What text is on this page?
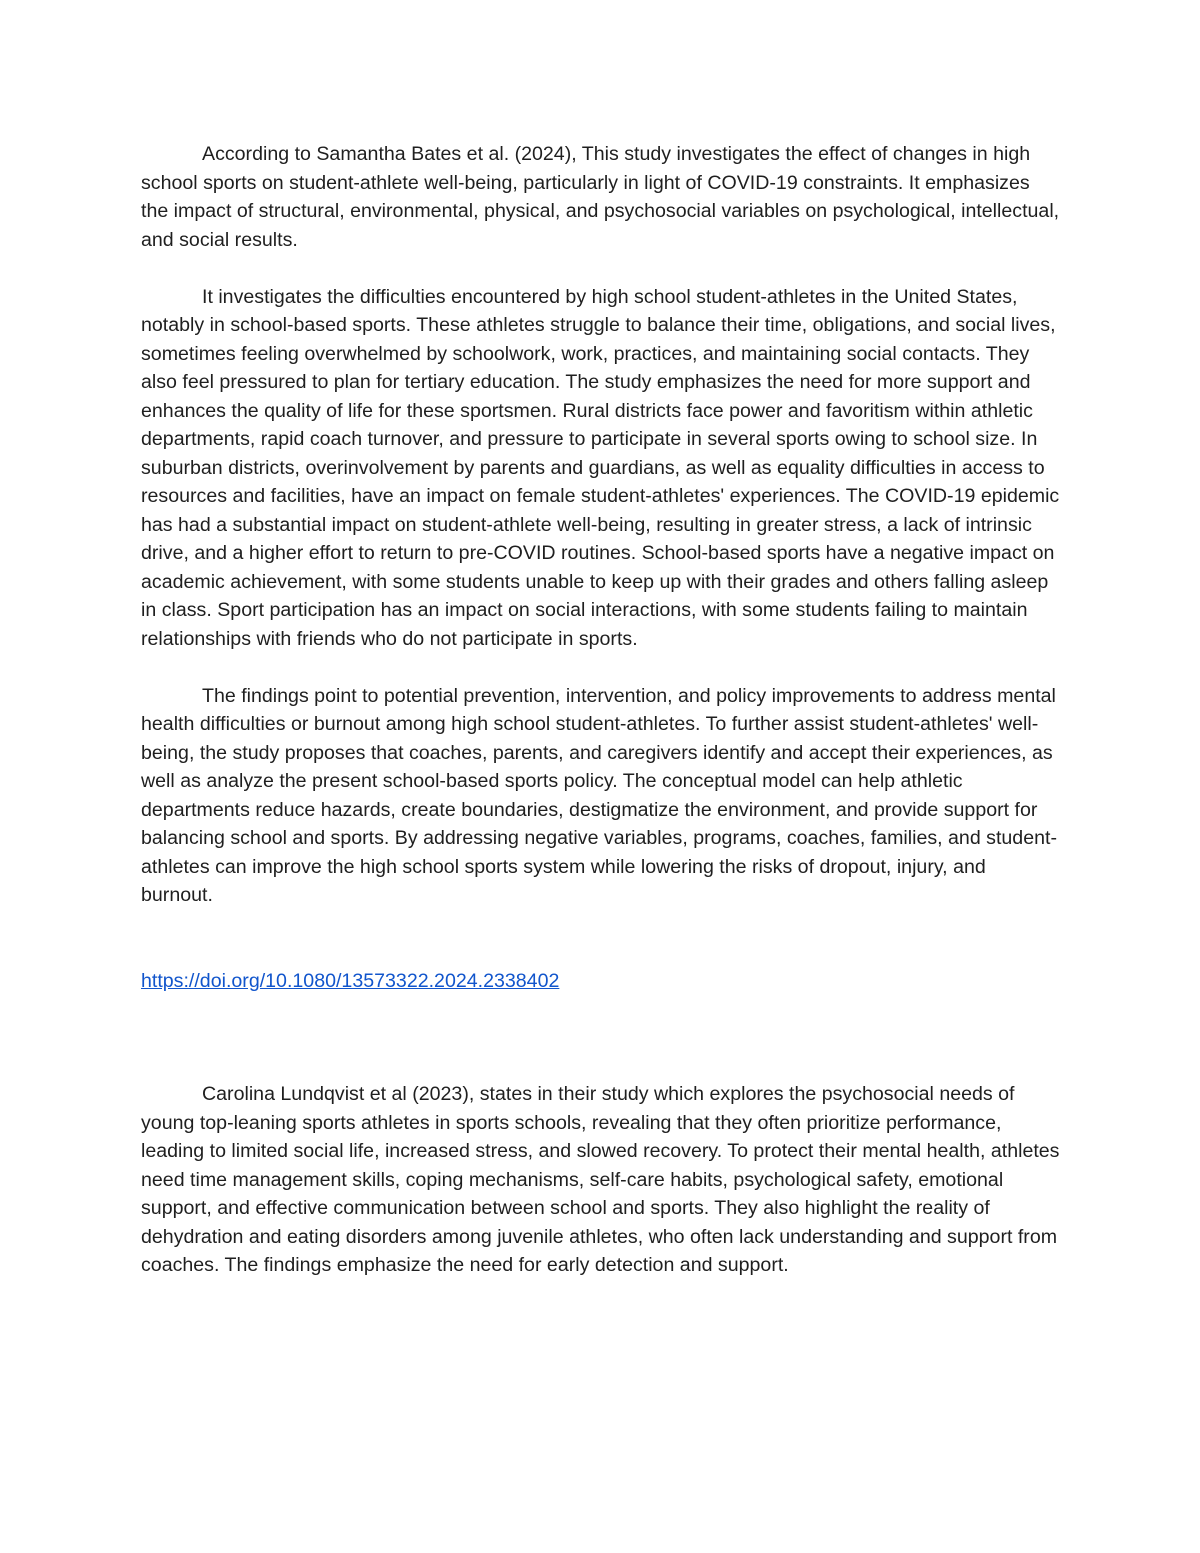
According to Samantha Bates et al. (2024), This study investigates the effect of changes in high school sports on student-athlete well-being, particularly in light of COVID-19 constraints. It emphasizes the impact of structural, environmental, physical, and psychosocial variables on psychological, intellectual, and social results.

It investigates the difficulties encountered by high school student-athletes in the United States, notably in school-based sports. These athletes struggle to balance their time, obligations, and social lives, sometimes feeling overwhelmed by schoolwork, work, practices, and maintaining social contacts. They also feel pressured to plan for tertiary education. The study emphasizes the need for more support and enhances the quality of life for these sportsmen. Rural districts face power and favoritism within athletic departments, rapid coach turnover, and pressure to participate in several sports owing to school size. In suburban districts, overinvolvement by parents and guardians, as well as equality difficulties in access to resources and facilities, have an impact on female student-athletes' experiences. The COVID-19 epidemic has had a substantial impact on student-athlete well-being, resulting in greater stress, a lack of intrinsic drive, and a higher effort to return to pre-COVID routines. School-based sports have a negative impact on academic achievement, with some students unable to keep up with their grades and others falling asleep in class. Sport participation has an impact on social interactions, with some students failing to maintain relationships with friends who do not participate in sports.

The findings point to potential prevention, intervention, and policy improvements to address mental health difficulties or burnout among high school student-athletes. To further assist student-athletes' well-being, the study proposes that coaches, parents, and caregivers identify and accept their experiences, as well as analyze the present school-based sports policy. The conceptual model can help athletic departments reduce hazards, create boundaries, destigmatize the environment, and provide support for balancing school and sports. By addressing negative variables, programs, coaches, families, and student-athletes can improve the high school sports system while lowering the risks of dropout, injury, and burnout.

https://doi.org/10.1080/13573322.2024.2338402

Carolina Lundqvist et al (2023), states in their study which explores the psychosocial needs of young top-leaning sports athletes in sports schools, revealing that they often prioritize performance, leading to limited social life, increased stress, and slowed recovery. To protect their mental health, athletes need time management skills, coping mechanisms, self-care habits, psychological safety, emotional support, and effective communication between school and sports. They also highlight the reality of dehydration and eating disorders among juvenile athletes, who often lack understanding and support from coaches. The findings emphasize the need for early detection and support.
